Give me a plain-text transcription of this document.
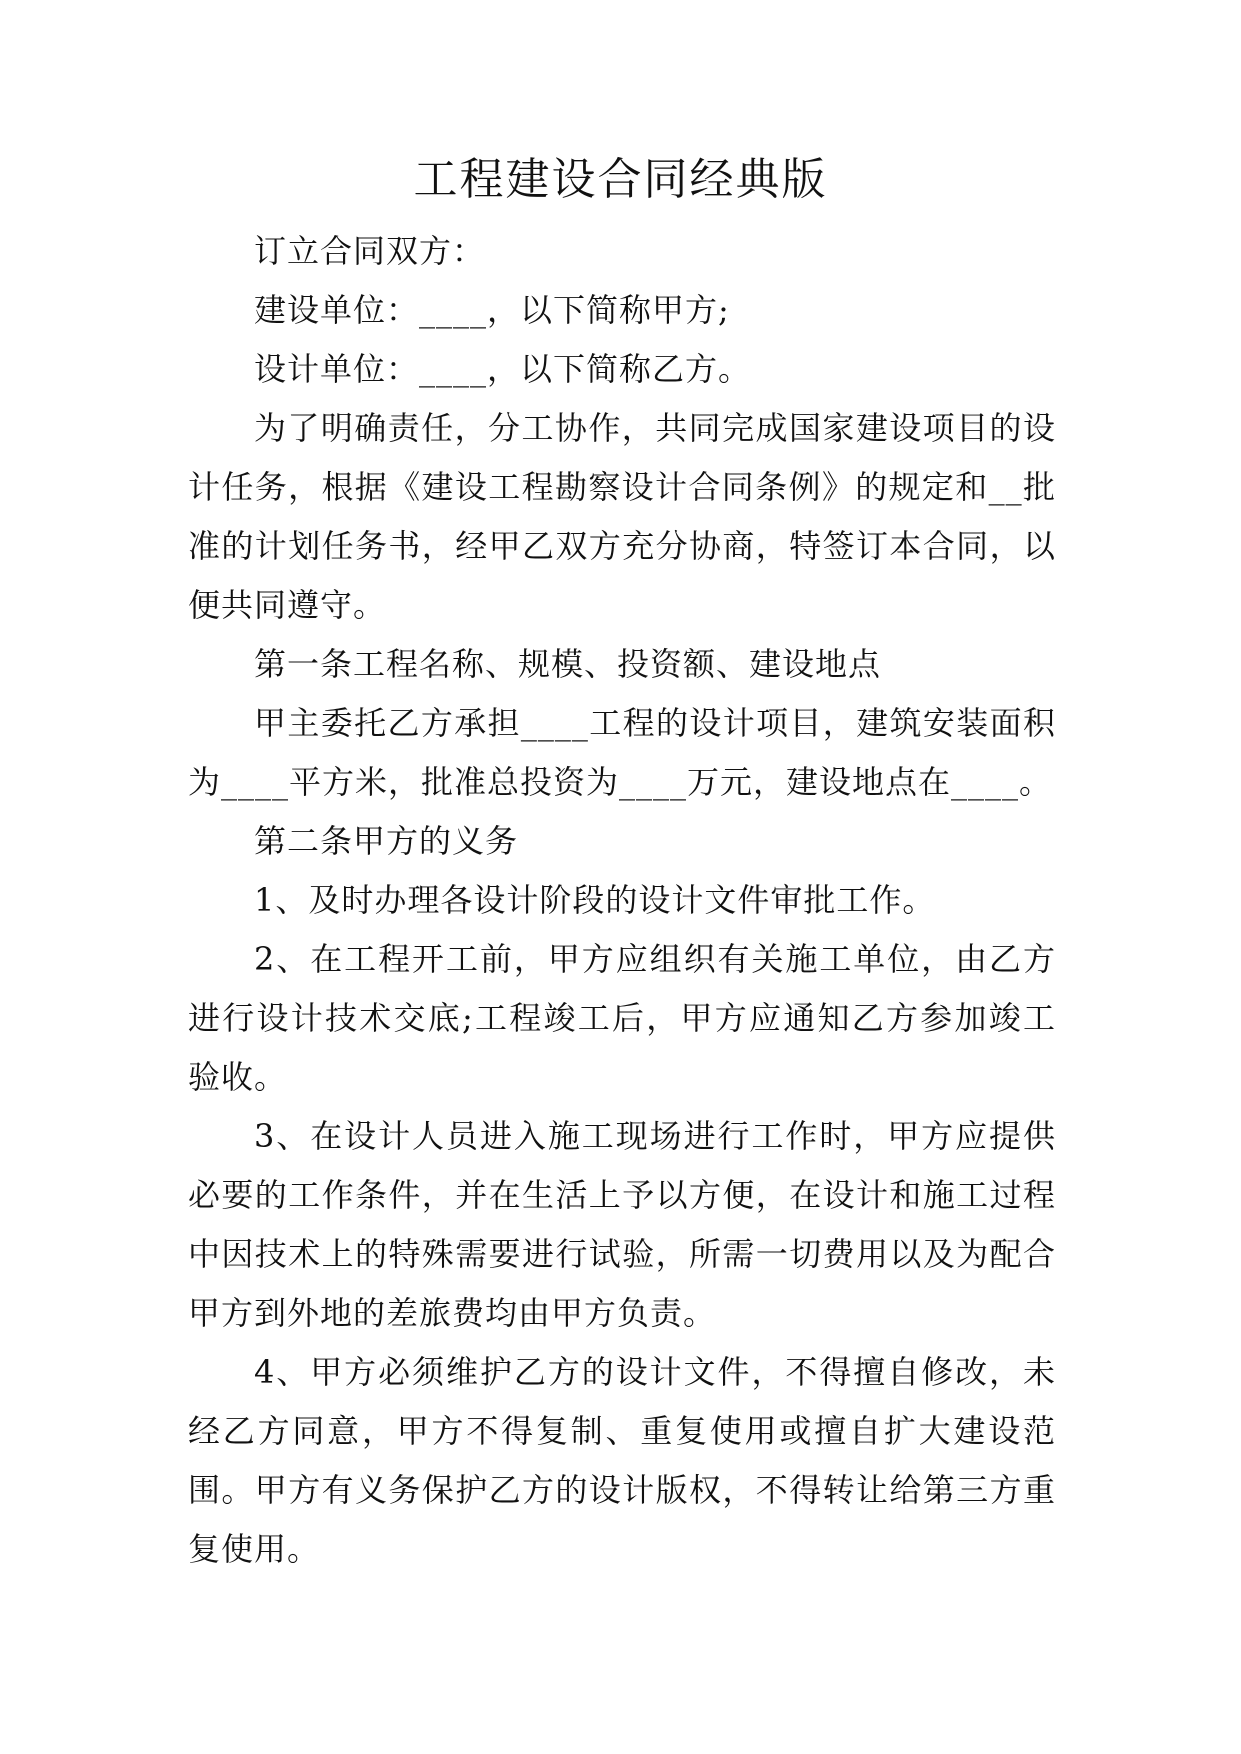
工程建设合同经典版

订立合同双方：

建设单位：____，以下简称甲方;

设计单位：____，以下简称乙方。

为了明确责任，分工协作，共同完成国家建设项目的设计任务，根据《建设工程勘察设计合同条例》的规定和__批准的计划任务书，经甲乙双方充分协商，特签订本合同，以便共同遵守。

第一条工程名称、规模、投资额、建设地点

甲主委托乙方承担____工程的设计项目，建筑安装面积为____平方米，批准总投资为____万元，建设地点在____。

第二条甲方的义务

1、及时办理各设计阶段的设计文件审批工作。

2、在工程开工前，甲方应组织有关施工单位，由乙方进行设计技术交底;工程竣工后，甲方应通知乙方参加竣工验收。

3、在设计人员进入施工现场进行工作时，甲方应提供必要的工作条件，并在生活上予以方便，在设计和施工过程中因技术上的特殊需要进行试验，所需一切费用以及为配合甲方到外地的差旅费均由甲方负责。

4、甲方必须维护乙方的设计文件，不得擅自修改，未经乙方同意，甲方不得复制、重复使用或擅自扩大建设范围。甲方有义务保护乙方的设计版权，不得转让给第三方重复使用。
